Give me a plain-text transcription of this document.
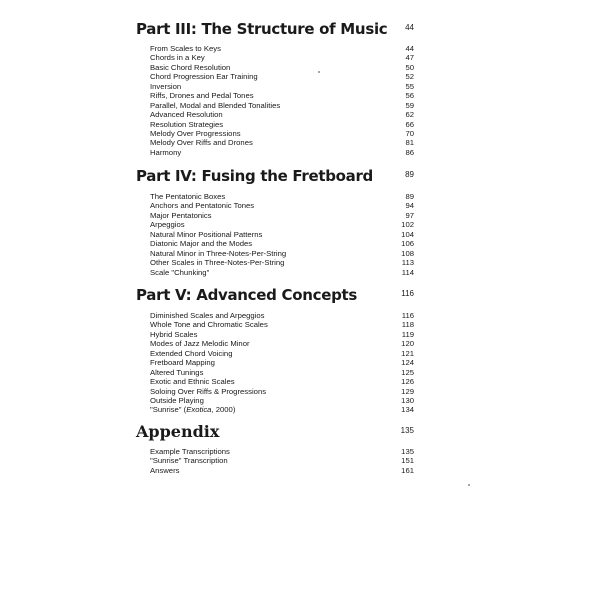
Part III: The Structure of Music 44
From Scales to Keys	44
Chords in a Key	47
Basic Chord Resolution	50
Chord Progression Ear Training	52
Inversion	55
Riffs, Drones and Pedal Tones	56
Parallel, Modal and Blended Tonalities	59
Advanced Resolution	62
Resolution Strategies	66
Melody Over Progressions	70
Melody Over Riffs and Drones	81
Harmony	86
Part IV: Fusing the Fretboard	89
The Pentatonic Boxes	89
Anchors and Pentatonic Tones	94
Major Pentatonics	97
Arpeggios	102
Natural Minor Positional Patterns	104
Diatonic Major and the Modes	106
Natural Minor in Three-Notes-Per-String	108
Other Scales in Three-Notes-Per-String	113
Scale "Chunking"	114
Part V: Advanced Concepts	116
Diminished Scales and Arpeggios	116
Whole Tone and Chromatic Scales	118
Hybrid Scales	119
Modes of Jazz Melodic Minor	120
Extended Chord Voicing	121
Fretboard Mapping	124
Altered Tunings	125
Exotic and Ethnic Scales	126
Soloing Over Riffs & Progressions	129
Outside Playing	130
"Sunrise" (Exotica, 2000)	134
Appendix	135
Example Transcriptions	135
"Sunrise" Transcription	151
Answers	161
